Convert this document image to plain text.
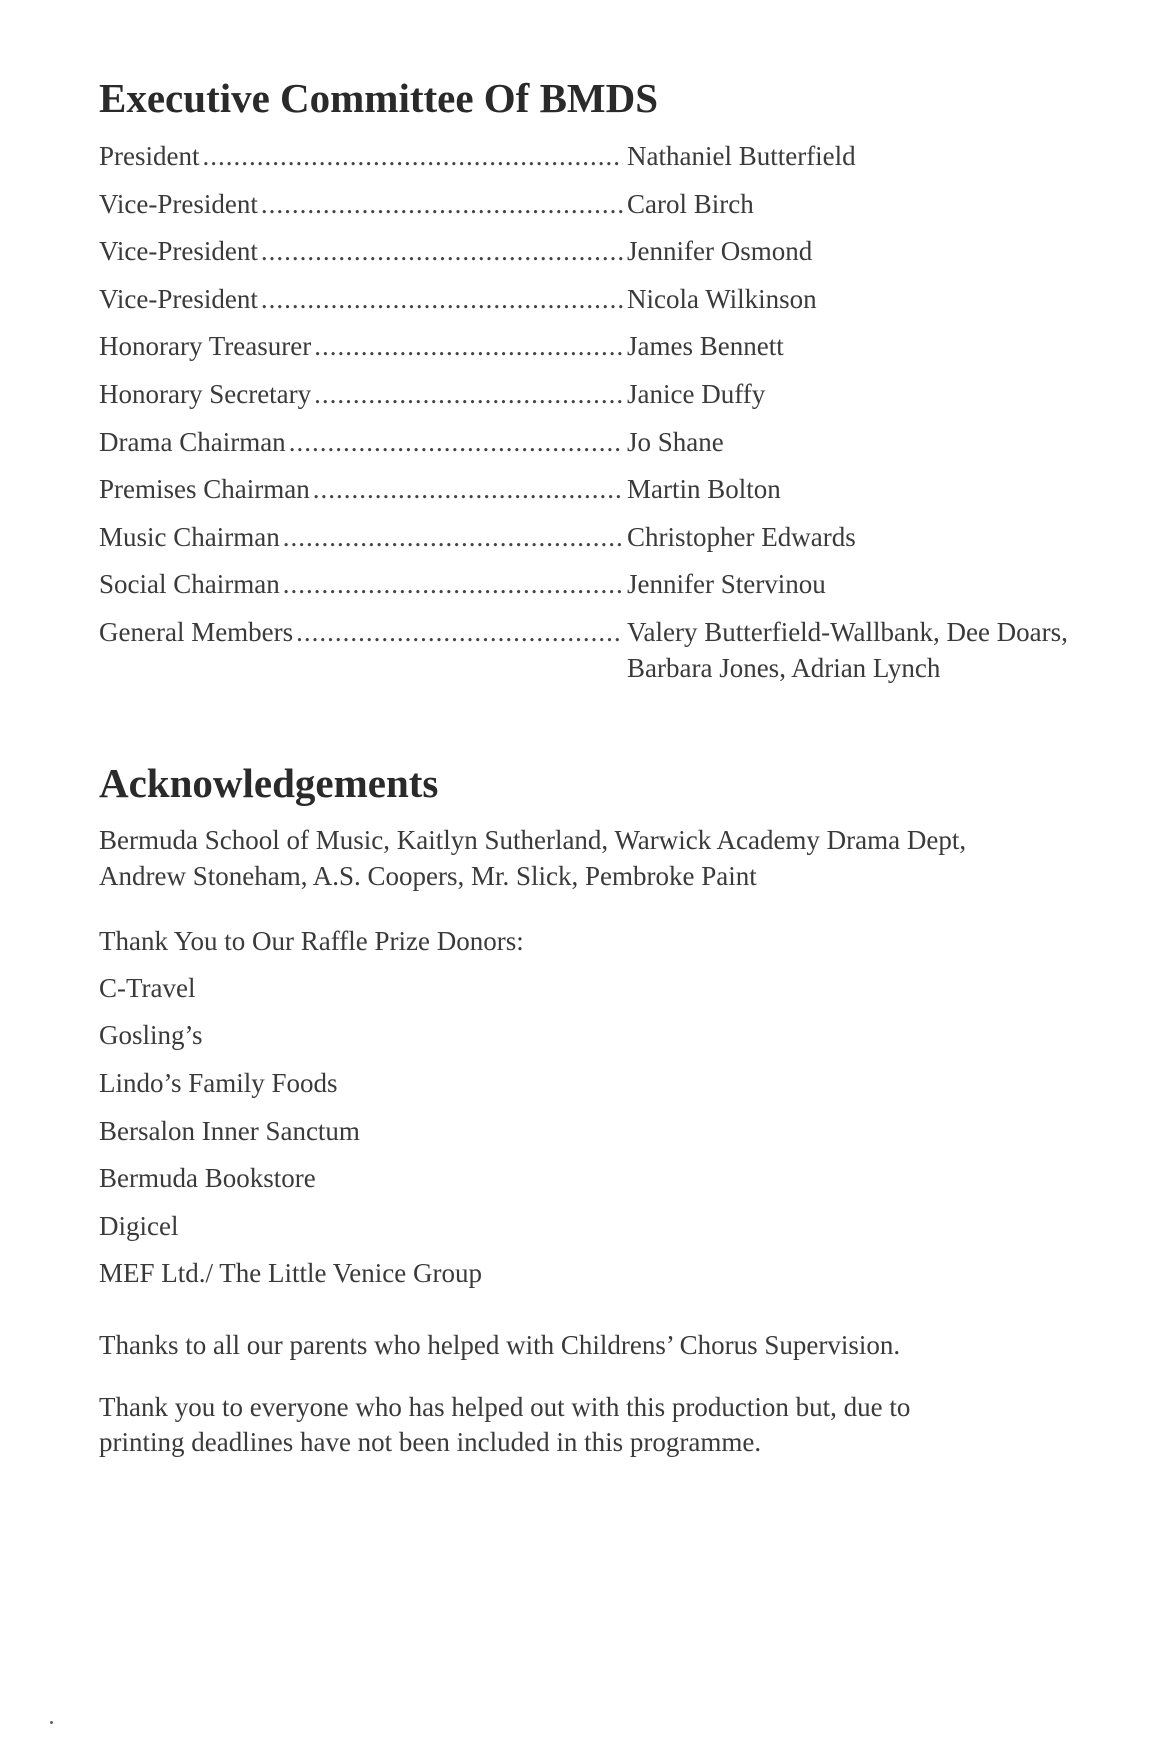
Executive Committee Of BMDS
President .....	Nathaniel Butterfield
Vice-President .....	Carol Birch
Vice-President .....	Jennifer Osmond
Vice-President .....	Nicola Wilkinson
Honorary Treasurer .....	James Bennett
Honorary Secretary .....	Janice Duffy
Drama Chairman .....	Jo Shane
Premises Chairman .....	Martin Bolton
Music Chairman .....	Christopher Edwards
Social Chairman .....	Jennifer Stervinou
General Members .....	Valery Butterfield-Wallbank, Dee Doars,
Barbara Jones, Adrian Lynch
Acknowledgements

Bermuda School of Music, Kaitlyn Sutherland, Warwick Academy Drama Dept,

Andrew Stoneham, A.S. Coopers, Mr. Slick, Pembroke Paint

Thank You to Our Raffle Prize Donors:

C-Travel
Gosling’s
Lindo’s Family Foods
Bersalon Inner Sanctum
Bermuda Bookstore
Digicel
MEF Ltd./ The Little Venice Group

Thanks to all our parents who helped with Childrens’ Chorus Supervision.

Thank you to everyone who has helped out with this production but, due to

printing deadlines have not been included in this programme.
